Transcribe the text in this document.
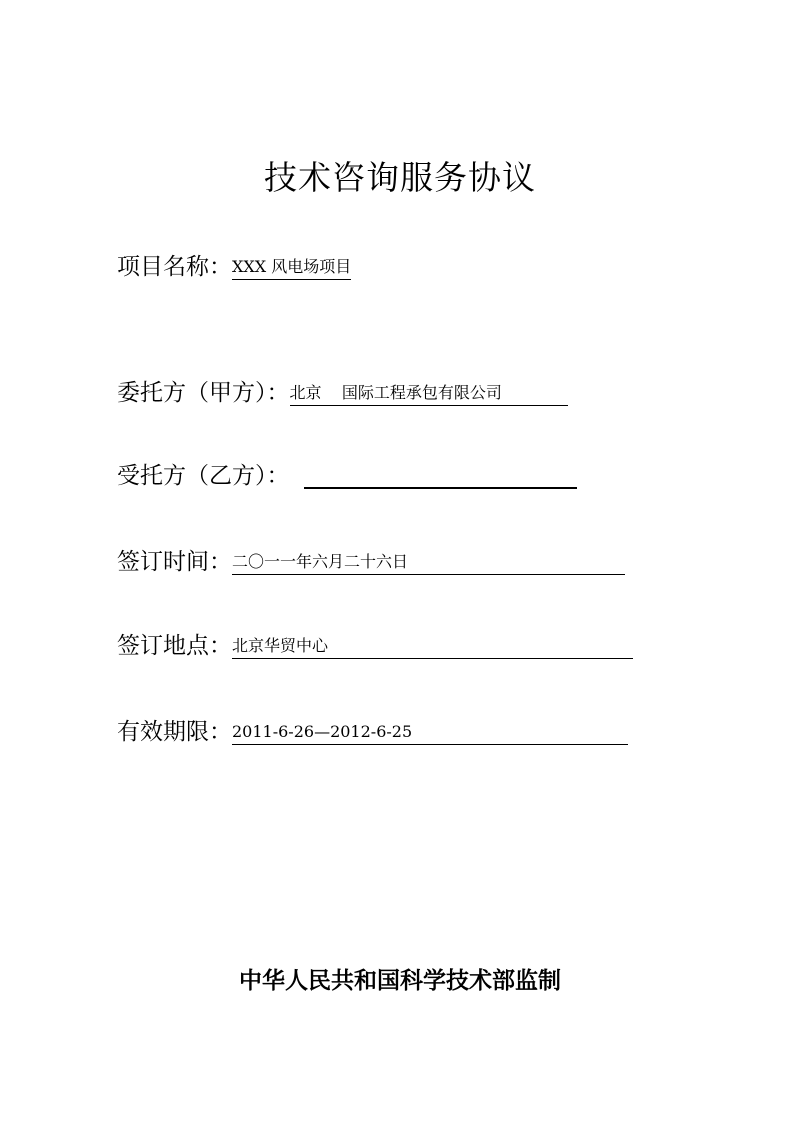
技术咨询服务协议
项目名称： XXX 风电场项目
委托方（甲方）： 北京    国际工程承包有限公司
受托方（乙方）：
签订时间： 二〇一一年六月二十六日
签订地点： 北京华贸中心
有效期限： 2011-6-26—2012-6-25
中华人民共和国科学技术部监制
